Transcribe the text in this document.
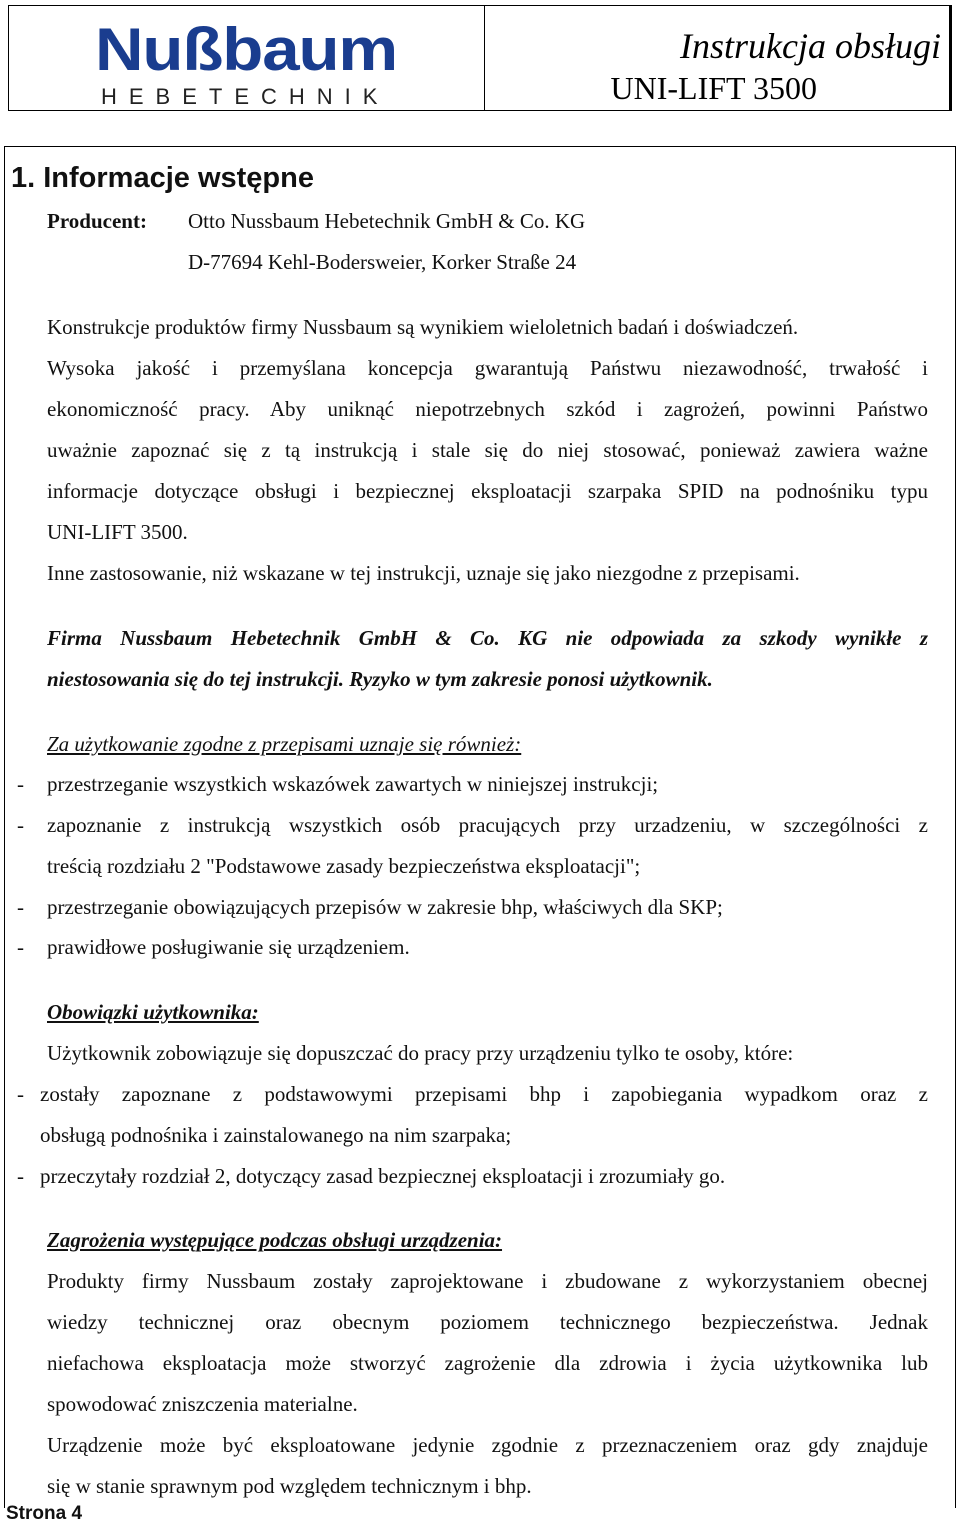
Nußbaum
HEBETECHNIK
Instrukcja obsługi
UNI-LIFT 3500
1. Informacje wstępne
Producent: Otto Nussbaum Hebetechnik GmbH & Co. KG
D-77694 Kehl-Bodersweier, Korker Straße 24
Konstrukcje produktów firmy Nussbaum są wynikiem wieloletnich badań i doświadczeń.
Wysoka jakość i przemyślana koncepcja gwarantują Państwu niezawodność, trwałość i
ekonomiczność pracy. Aby uniknąć niepotrzebnych szkód i zagrożeń, powinni Państwo
uważnie zapoznać się z tą instrukcją i stale się do niej stosować, ponieważ zawiera ważne
informacje dotyczące obsługi i bezpiecznej eksploatacji szarpaka SPID na podnośniku typu
UNI-LIFT 3500.
Inne zastosowanie, niż wskazane w tej instrukcji, uznaje się jako niezgodne z przepisami.
Firma Nussbaum Hebetechnik GmbH & Co. KG nie odpowiada za szkody wynikłe z
niestosowania się do tej instrukcji. Ryzyko w tym zakresie ponosi użytkownik.
Za użytkowanie zgodne z przepisami uznaje się również:
- przestrzeganie wszystkich wskazówek zawartych w niniejszej instrukcji;
- zapoznanie z instrukcją wszystkich osób pracujących przy urzadzeniu, w szczególności z
treścią rozdziału 2 "Podstawowe zasady bezpieczeństwa eksploatacji";
- przestrzeganie obowiązujących przepisów w zakresie bhp, właściwych dla SKP;
- prawidłowe posługiwanie się urządzeniem.
Obowiązki użytkownika:
Użytkownik zobowiązuje się dopuszczać do pracy przy urządzeniu tylko te osoby, które:
- zostały zapoznane z podstawowymi przepisami bhp i zapobiegania wypadkom oraz z
obsługą podnośnika i zainstalowanego na nim szarpaka;
- przeczytały rozdział 2, dotyczący zasad bezpiecznej eksploatacji i zrozumiały go.
Zagrożenia występujące podczas obsługi urządzenia:
Produkty firmy Nussbaum zostały zaprojektowane i zbudowane z wykorzystaniem obecnej
wiedzy technicznej oraz obecnym poziomem technicznego bezpieczeństwa. Jednak
niefachowa eksploatacja może stworzyć zagrożenie dla zdrowia i życia użytkownika lub
spowodować zniszczenia materialne.
Urządzenie może być eksploatowane jedynie zgodnie z przeznaczeniem oraz gdy znajduje
się w stanie sprawnym pod względem technicznym i bhp.
Strona 4
